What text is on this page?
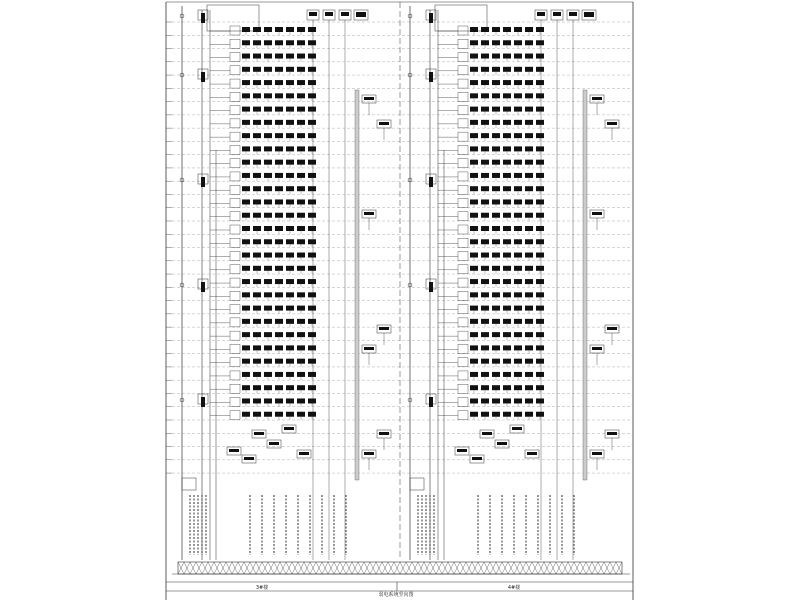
3#楼	4#楼
弱电系统竖向图
